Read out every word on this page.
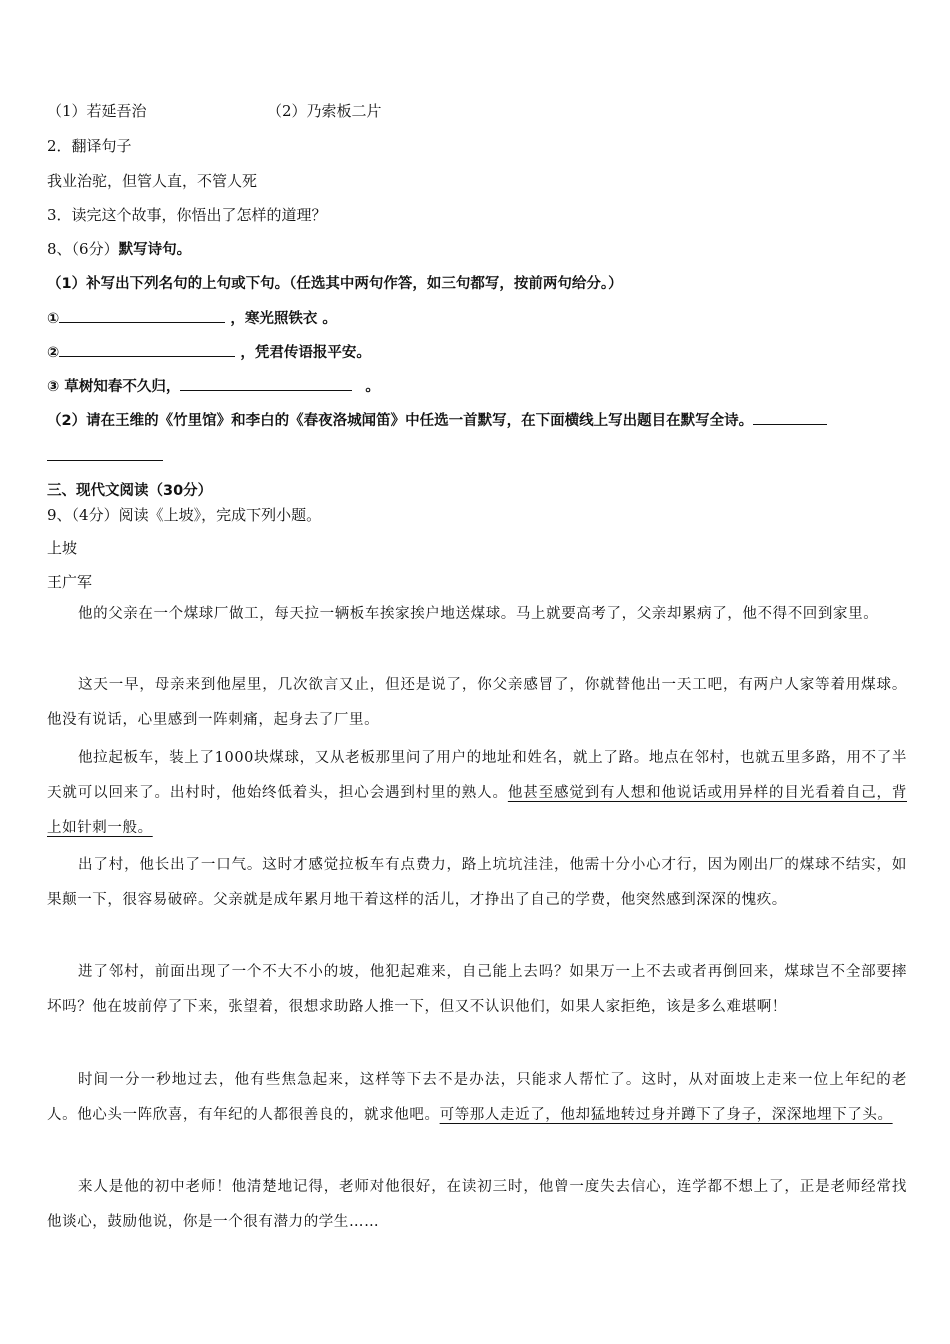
（1）若延吾治	（2）乃索板二片
2．翻译句子
我业治驼，但管人直，不管人死
3．读完这个故事，你悟出了怎样的道理？
8、（6分）默写诗句。
（1）补写出下列名句的上句或下句。（任选其中两句作答，如三句都写，按前两句给分。）
①	，寒光照铁衣 。
②	，凭君传语报平安。
③ 草树知春不久归，	。
（2）请在王维的《竹里馆》和李白的《春夜洛城闻笛》中任选一首默写，在下面横线上写出题目在默写全诗。
三、现代文阅读（30分）
9、（4分）阅读《上坡》，完成下列小题。
上坡
王广军
他的父亲在一个煤球厂做工，每天拉一辆板车挨家挨户地送煤球。马上就要高考了，父亲却累病了，他不得不回到家里。
这天一早，母亲来到他屋里，几次欲言又止，但还是说了，你父亲感冒了，你就替他出一天工吧，有两户人家等着用煤球。他没有说话，心里感到一阵刺痛，起身去了厂里。
他拉起板车，装上了1000块煤球，又从老板那里问了用户的地址和姓名，就上了路。地点在邻村，也就五里多路，用不了半天就可以回来了。出村时，他始终低着头，担心会遇到村里的熟人。他甚至感觉到有人想和他说话或用异样的目光看着自己，背上如针刺一般。
出了村，他长出了一口气。这时才感觉拉板车有点费力，路上坑坑洼洼，他需十分小心才行，因为刚出厂的煤球不结实，如果颠一下，很容易破碎。父亲就是成年累月地干着这样的活儿，才挣出了自己的学费，他突然感到深深的愧疚。
进了邻村，前面出现了一个不大不小的坡，他犯起难来，自己能上去吗？如果万一上不去或者再倒回来，煤球岂不全部要摔坏吗？他在坡前停了下来，张望着，很想求助路人推一下，但又不认识他们，如果人家拒绝，该是多么难堪啊！
时间一分一秒地过去，他有些焦急起来，这样等下去不是办法，只能求人帮忙了。这时，从对面坡上走来一位上年纪的老人。他心头一阵欣喜，有年纪的人都很善良的，就求他吧。可等那人走近了，他却猛地转过身并蹲下了身子，深深地埋下了头。
来人是他的初中老师！他清楚地记得，老师对他很好，在读初三时，他曾一度失去信心，连学都不想上了，正是老师经常找他谈心，鼓励他说，你是一个很有潜力的学生……
